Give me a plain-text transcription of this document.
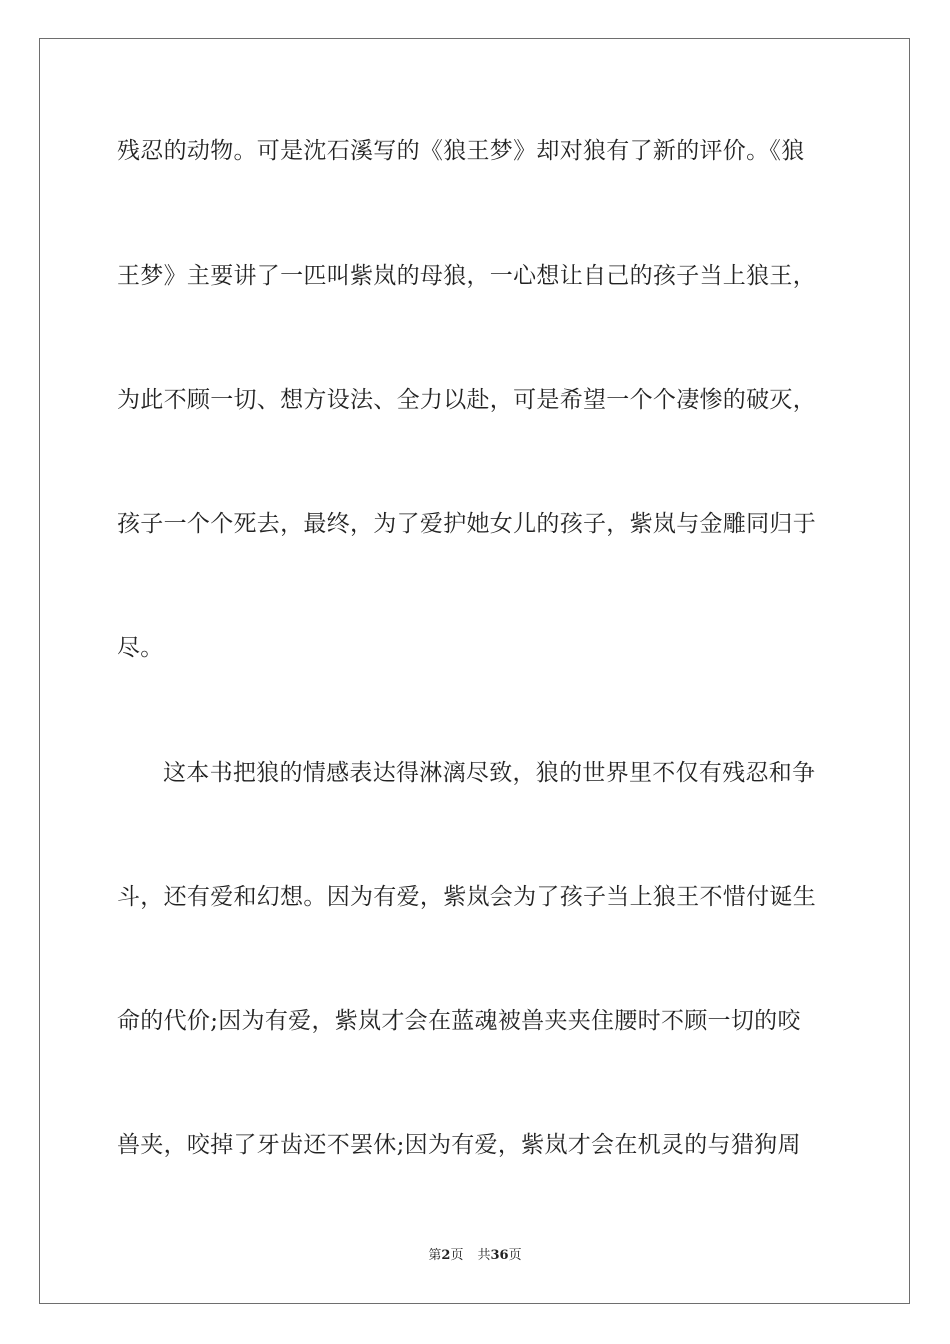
残忍的动物。可是沈石溪写的《狼王梦》却对狼有了新的评价。《狼
王梦》主要讲了一匹叫紫岚的母狼，一心想让自己的孩子当上狼王，
为此不顾一切、想方设法、全力以赴，可是希望一个个凄惨的破灭，
孩子一个个死去，最终，为了爱护她女儿的孩子，紫岚与金雕同归于
尽。
这本书把狼的情感表达得淋漓尽致，狼的世界里不仅有残忍和争
斗，还有爱和幻想。因为有爱，紫岚会为了孩子当上狼王不惜付诞生
命的代价;因为有爱，紫岚才会在蓝魂被兽夹夹住腰时不顾一切的咬
兽夹，咬掉了牙齿还不罢休;因为有爱，紫岚才会在机灵的与猎狗周
第2页 共36页
